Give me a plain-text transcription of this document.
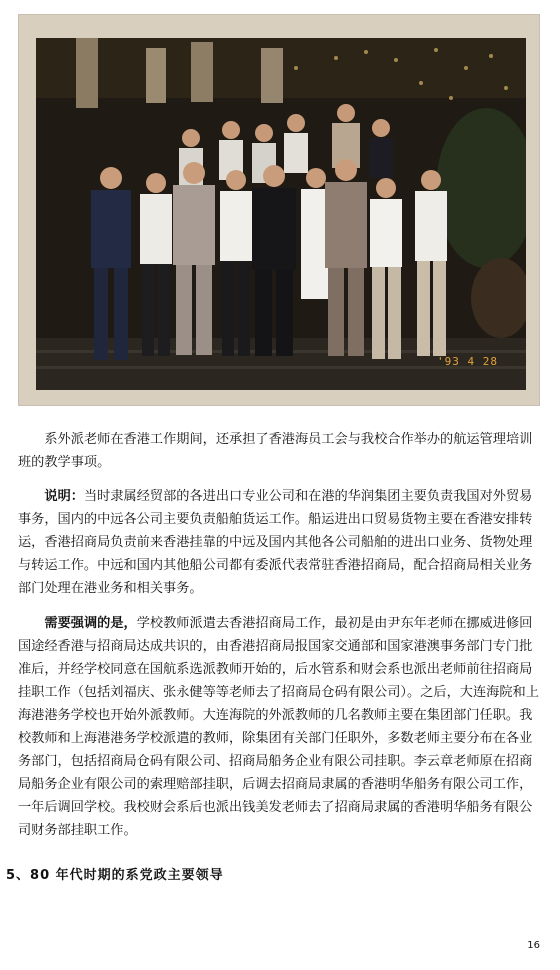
'93 4 28
系外派老师在香港工作期间，还承担了香港海员工会与我校合作举办的航运管理培训班的教学事项。
说明：当时隶属经贸部的各进出口专业公司和在港的华润集团主要负责我国对外贸易事务，国内的中远各公司主要负责船舶货运工作。船运进出口贸易货物主要在香港安排转运，香港招商局负责前来香港挂靠的中远及国内其他各公司船舶的进出口业务、货物处理与转运工作。中远和国内其他船公司都有委派代表常驻香港招商局，配合招商局相关业务部门处理在港业务和相关事务。
需要强调的是，学校教师派遣去香港招商局工作，最初是由尹东年老师在挪威进修回国途经香港与招商局达成共识的，由香港招商局报国家交通部和国家港澳事务部门专门批准后，并经学校同意在国航系选派教师开始的，后水管系和财会系也派出老师前往招商局挂职工作（包括刘福庆、张永健等等老师去了招商局仓码有限公司）。之后，大连海院和上海港港务学校也开始外派教师。大连海院的外派教师的几名教师主要在集团部门任职。我校教师和上海港港务学校派遣的教师，除集团有关部门任职外，多数老师主要分布在各业务部门，包括招商局仓码有限公司、招商局船务企业有限公司挂职。李云章老师原在招商局船务企业有限公司的索理赔部挂职，后调去招商局隶属的香港明华船务有限公司工作，一年后调回学校。我校财会系后也派出钱美发老师去了招商局隶属的香港明华船务有限公司财务部挂职工作。
5、80 年代时期的系党政主要领导
16
